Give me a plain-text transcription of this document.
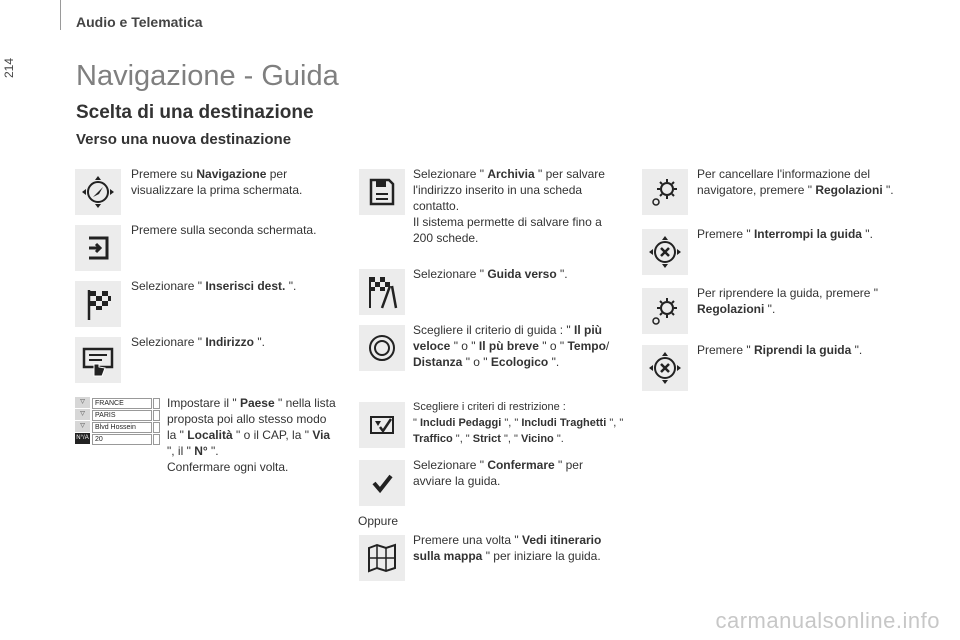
214
Audio e Telematica
Navigazione - Guida
Scelta di una destinazione
Verso una nuova destinazione
Premere su Navigazione per visualizzare la prima schermata.
Premere sulla seconda schermata.
Selezionare " Inserisci dest. ".
Selezionare " Indirizzo ".
▽	FRANCE
▽	PARIS
▽	Blvd Hossein
N°/A 20
Impostare il " Paese " nella lista proposta poi allo stesso modo la " Località " o il CAP, la " Via ", il " N° ".
Confermare ogni volta.
Selezionare " Archivia " per salvare l'indirizzo inserito in una scheda contatto.
Il sistema permette di salvare fino a 200 schede.
Selezionare " Guida verso ".
Scegliere il criterio di guida : " Il più veloce " o " Il pù breve " o " Tempo/ Distanza " o " Ecologico ".
Scegliere i criteri di restrizione :
" Includi Pedaggi ", " Includi Traghetti ", " Traffico ", " Strict ", " Vicino ".
Selezionare " Confermare " per avviare la guida.
Oppure
Premere una volta " Vedi itinerario sulla mappa " per iniziare la guida.
Per cancellare l'informazione del navigatore, premere " Regolazioni ".
Premere " Interrompi la guida ".
Per riprendere la guida, premere " Regolazioni ".
Premere " Riprendi la guida ".
carmanualsonline.info
